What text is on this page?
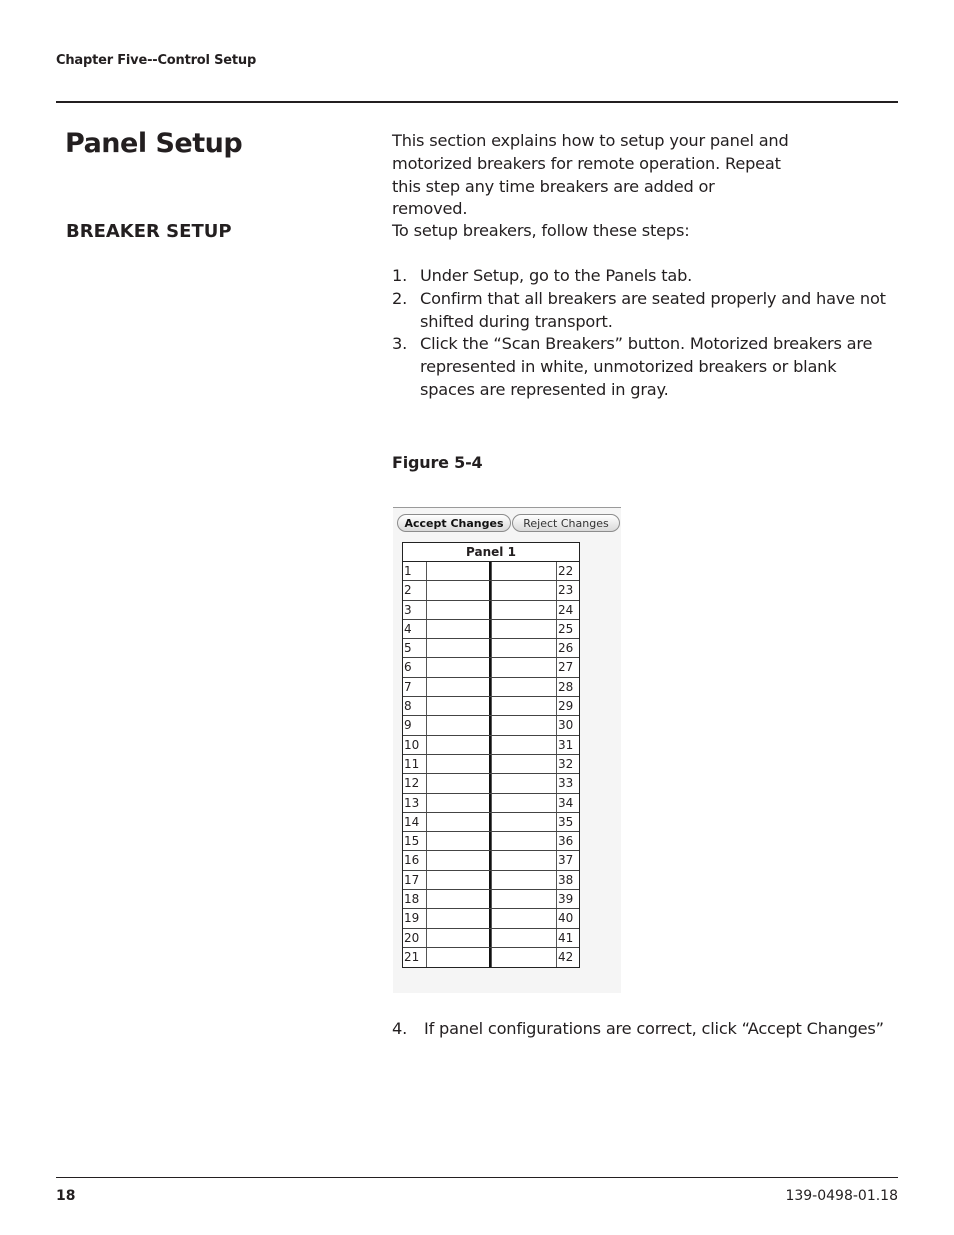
Chapter Five--Control Setup
Panel Setup	This section explains how to setup your panel and motorized breakers for remote operation. Repeat this step any time breakers are added or removed.

BREAKER SETUP	To setup breakers, follow these steps:

1. Under Setup, go to the Panels tab.
2. Confirm that all breakers are seated properly and have not shifted during transport.
3. Click the “Scan Breakers” button. Motorized breakers are represented in white, unmotorized breakers or blank spaces are represented in gray.
Figure 5-4
Accept Changes	Reject Changes
Panel 1
1	22
2	23
3	24
4	25
5	26
6	27
7	28
8	29
9	30
10	31
11	32
12	33
13	34
14	35
15	36
16	37
17	38
18	39
19	40
20	41
21	42

4. If panel configurations are correct, click “Accept Changes”

18	139-0498-01.18
